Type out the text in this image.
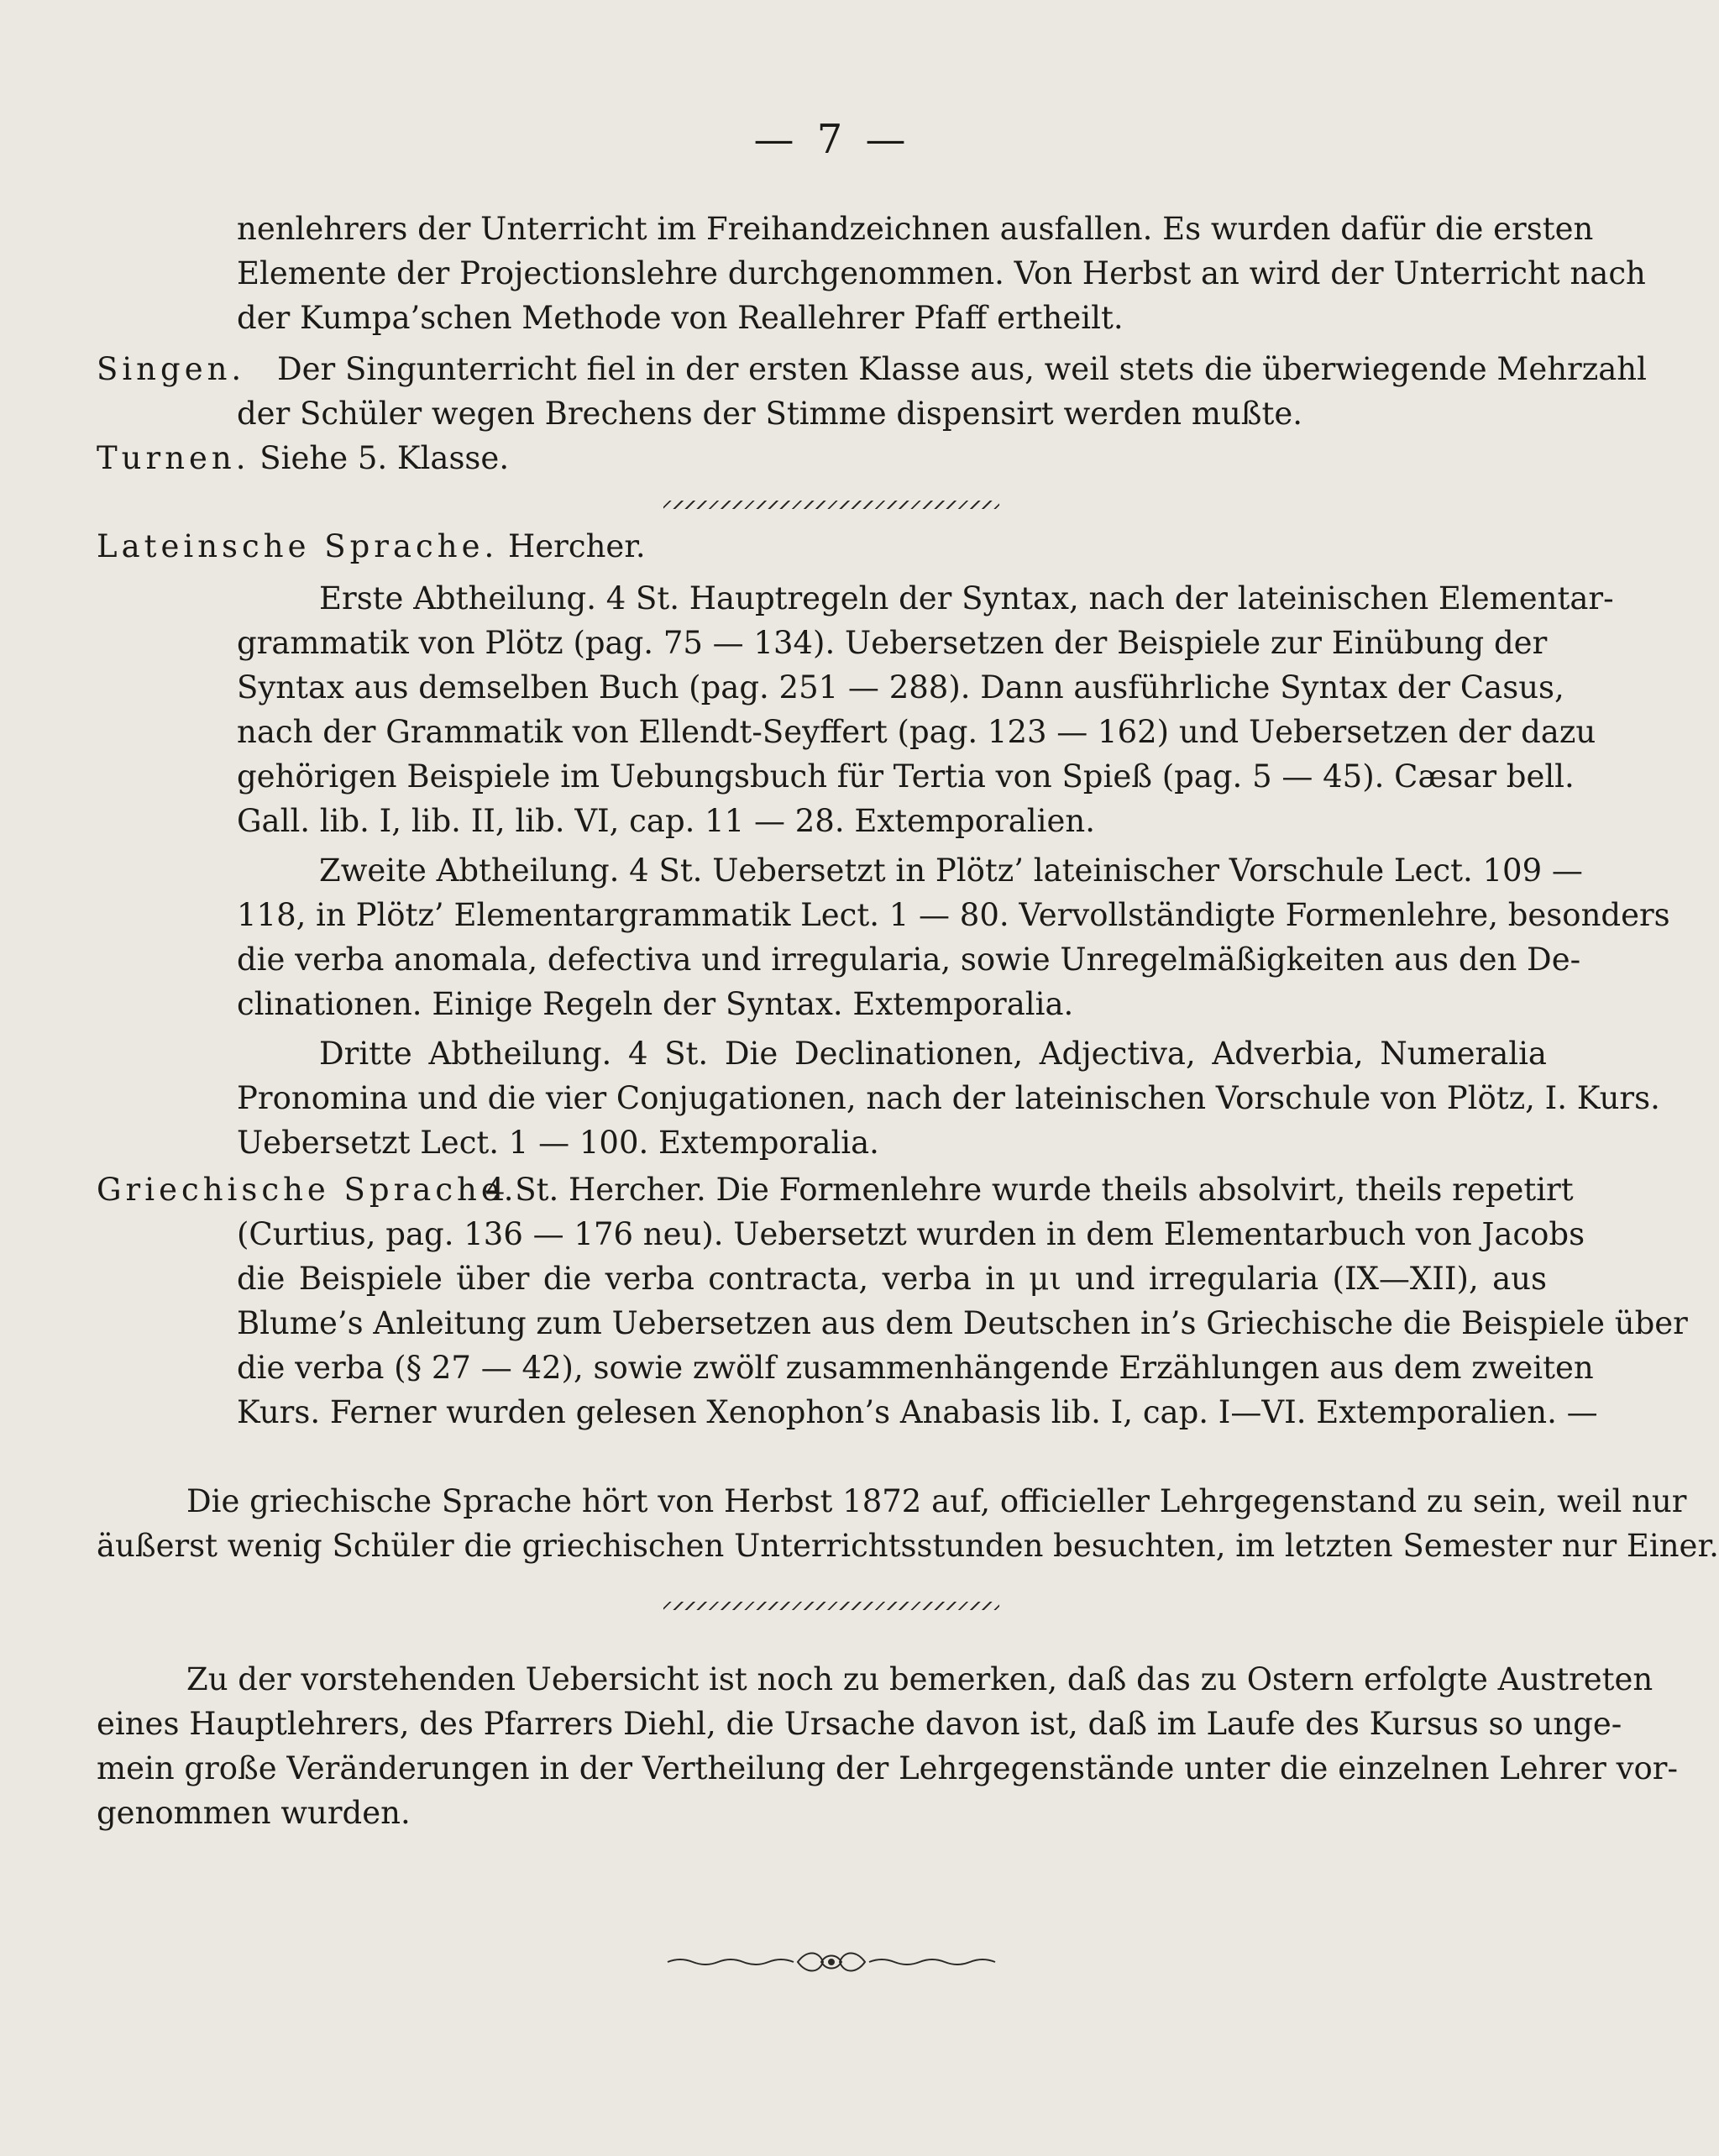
— 7 —
nenlehrers der Unterricht im Freihandzeichnen ausfallen. Es wurden dafür die ersten
Elemente der Projectionslehre durchgenommen. Von Herbst an wird der Unterricht nach
der Kumpa’schen Methode von Reallehrer Pfaff ertheilt.
Singen.	Der Singunterricht fiel in der ersten Klasse aus, weil stets die überwiegende Mehrzahl
der Schüler wegen Brechens der Stimme dispensirt werden mußte.
Turnen. Siehe 5. Klasse.
Lateinsche Sprache. Hercher.
Erste Abtheilung. 4 St. Hauptregeln der Syntax, nach der lateinischen Elementar-
grammatik von Plötz (pag. 75 — 134). Uebersetzen der Beispiele zur Einübung der
Syntax aus demselben Buch (pag. 251 — 288). Dann ausführliche Syntax der Casus,
nach der Grammatik von Ellendt-Seyffert (pag. 123 — 162) und Uebersetzen der dazu
gehörigen Beispiele im Uebungsbuch für Tertia von Spieß (pag. 5 — 45). Cæsar bell.
Gall. lib. I, lib. II, lib. VI, cap. 11 — 28. Extemporalien.
Zweite Abtheilung. 4 St. Uebersetzt in Plötz’ lateinischer Vorschule Lect. 109 —
118, in Plötz’ Elementargrammatik Lect. 1 — 80. Vervollständigte Formenlehre, besonders
die verba anomala, defectiva und irregularia, sowie Unregelmäßigkeiten aus den De-
clinationen. Einige Regeln der Syntax. Extemporalia.
Dritte Abtheilung. 4 St. Die Declinationen, Adjectiva, Adverbia, Numeralia
Pronomina und die vier Conjugationen, nach der lateinischen Vorschule von Plötz, I. Kurs.
Uebersetzt Lect. 1 — 100. Extemporalia.
Griechische Sprache.
4 St. Hercher. Die Formenlehre wurde theils absolvirt, theils repetirt
(Curtius, pag. 136 — 176 neu). Uebersetzt wurden in dem Elementarbuch von Jacobs
die Beispiele über die verba contracta, verba in μι und irregularia (IX—XII), aus
Blume’s Anleitung zum Uebersetzen aus dem Deutschen in’s Griechische die Beispiele über
die verba (§ 27 — 42), sowie zwölf zusammenhängende Erzählungen aus dem zweiten
Kurs. Ferner wurden gelesen Xenophon’s Anabasis lib. I, cap. I—VI. Extemporalien. —
Die griechische Sprache hört von Herbst 1872 auf, officieller Lehrgegenstand zu sein, weil nur
äußerst wenig Schüler die griechischen Unterrichtsstunden besuchten, im letzten Semester nur Einer.
Zu der vorstehenden Uebersicht ist noch zu bemerken, daß das zu Ostern erfolgte Austreten
eines Hauptlehrers, des Pfarrers Diehl, die Ursache davon ist, daß im Laufe des Kursus so unge-
mein große Veränderungen in der Vertheilung der Lehrgegenstände unter die einzelnen Lehrer vor-
genommen wurden.
